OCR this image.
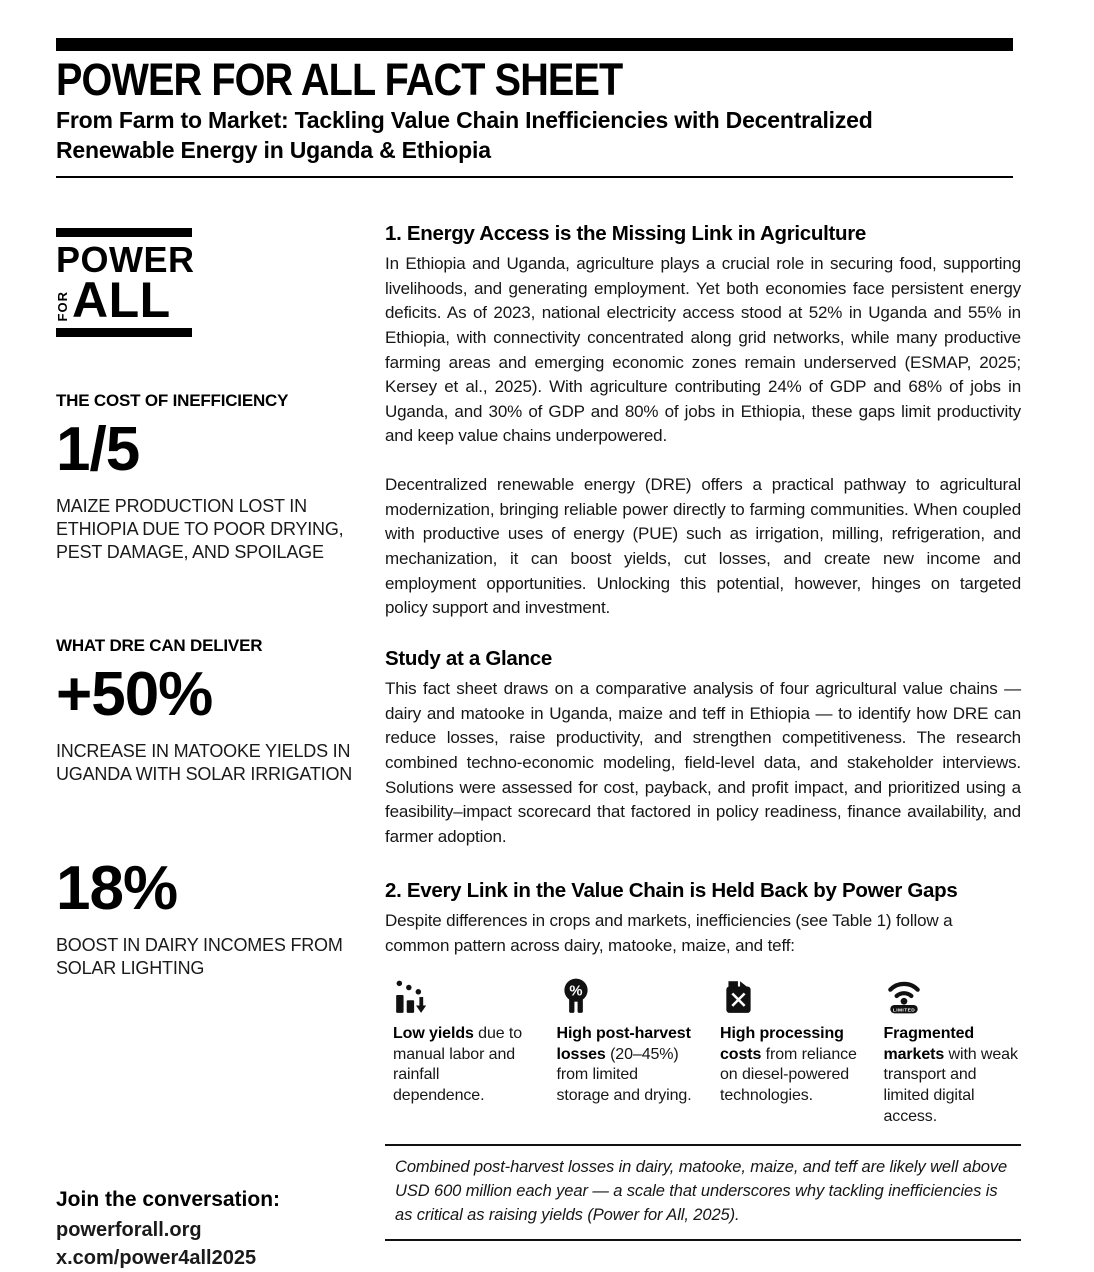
POWER FOR ALL FACT SHEET
From Farm to Market: Tackling Value Chain Inefficiencies with Decentralized Renewable Energy in Uganda & Ethiopia
POWER
FOR ALL
THE COST OF INEFFICIENCY
1/5
MAIZE PRODUCTION LOST IN ETHIOPIA DUE TO POOR DRYING, PEST DAMAGE, AND SPOILAGE
WHAT DRE CAN DELIVER
+50%
INCREASE IN MATOOKE YIELDS IN UGANDA WITH SOLAR IRRIGATION
18%
BOOST IN DAIRY INCOMES FROM SOLAR LIGHTING
Join the conversation:
powerforall.org
x.com/power4all2025
1. Energy Access is the Missing Link in Agriculture

In Ethiopia and Uganda, agriculture plays a crucial role in securing food, supporting livelihoods, and generating employment. Yet both economies face persistent energy deficits. As of 2023, national electricity access stood at 52% in Uganda and 55% in Ethiopia, with connectivity concentrated along grid networks, while many productive farming areas and emerging economic zones remain underserved (ESMAP, 2025; Kersey et al., 2025). With agriculture contributing 24% of GDP and 68% of jobs in Uganda, and 30% of GDP and 80% of jobs in Ethiopia, these gaps limit productivity and keep value chains underpowered.

Decentralized renewable energy (DRE) offers a practical pathway to agricultural modernization, bringing reliable power directly to farming communities. When coupled with productive uses of energy (PUE) such as irrigation, milling, refrigeration, and mechanization, it can boost yields, cut losses, and create new income and employment opportunities. Unlocking this potential, however, hinges on targeted policy support and investment.

Study at a Glance

This fact sheet draws on a comparative analysis of four agricultural value chains — dairy and matooke in Uganda, maize and teff in Ethiopia — to identify how DRE can reduce losses, raise productivity, and strengthen competitiveness. The research combined techno-economic modeling, field-level data, and stakeholder interviews. Solutions were assessed for cost, payback, and profit impact, and prioritized using a feasibility–impact scorecard that factored in policy readiness, finance availability, and farmer adoption.

2. Every Link in the Value Chain is Held Back by Power Gaps

Despite differences in crops and markets, inefficiencies (see Table 1) follow a common pattern across dairy, matooke, maize, and teff:

Low yields due to manual labor and rainfall dependence.

%

High post-harvest losses (20–45%) from limited storage and drying.

High processing costs from reliance on diesel-powered technologies.

LIMITED

Fragmented markets with weak transport and limited digital access.

Combined post-harvest losses in dairy, matooke, maize, and teff are likely well above USD 600 million each year — a scale that underscores why tackling inefficiencies is as critical as raising yields (Power for All, 2025).
